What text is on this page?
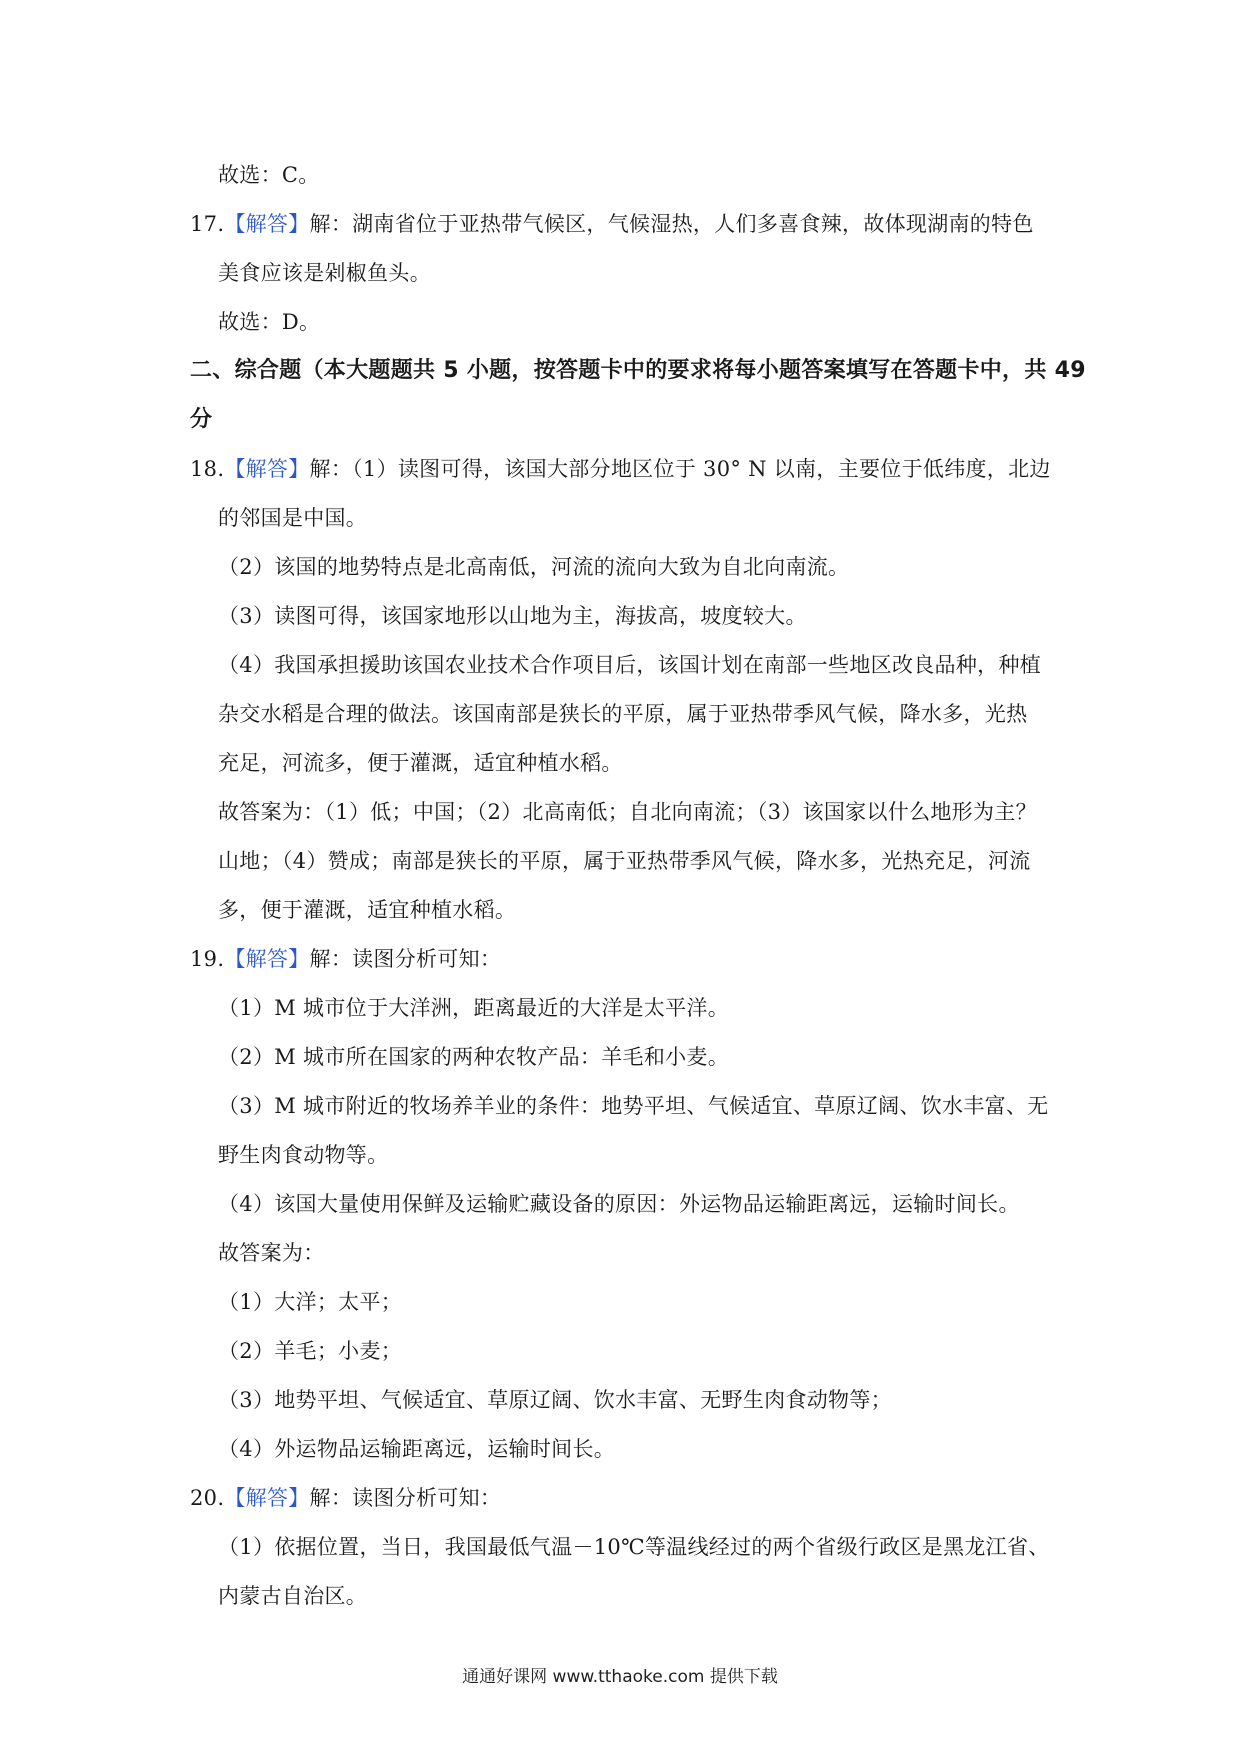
故选：C。
17.【解答】解：湖南省位于亚热带气候区，气候湿热，人们多喜食辣，故体现湖南的特色
美食应该是剁椒鱼头。
故选：D。
二、综合题（本大题题共 5 小题，按答题卡中的要求将每小题答案填写在答题卡中，共 49
分
18.【解答】解：（1）读图可得，该国大部分地区位于 30° N 以南，主要位于低纬度，北边
的邻国是中国。
（2）该国的地势特点是北高南低，河流的流向大致为自北向南流。
（3）读图可得，该国家地形以山地为主，海拔高，坡度较大。
（4）我国承担援助该国农业技术合作项目后，该国计划在南部一些地区改良品种，种植
杂交水稻是合理的做法。该国南部是狭长的平原，属于亚热带季风气候，降水多，光热
充足，河流多，便于灌溉，适宜种植水稻。
故答案为：（1）低；中国；（2）北高南低；自北向南流；（3）该国家以什么地形为主？
山地；（4）赞成；南部是狭长的平原，属于亚热带季风气候，降水多，光热充足，河流
多，便于灌溉，适宜种植水稻。
19.【解答】解：读图分析可知：
（1）M 城市位于大洋洲，距离最近的大洋是太平洋。
（2）M 城市所在国家的两种农牧产品：羊毛和小麦。
（3）M 城市附近的牧场养羊业的条件：地势平坦、气候适宜、草原辽阔、饮水丰富、无
野生肉食动物等。
（4）该国大量使用保鲜及运输贮藏设备的原因：外运物品运输距离远，运输时间长。
故答案为：
（1）大洋；太平；
（2）羊毛；小麦；
（3）地势平坦、气候适宜、草原辽阔、饮水丰富、无野生肉食动物等；
（4）外运物品运输距离远，运输时间长。
20.【解答】解：读图分析可知：
（1）依据位置，当日，我国最低气温－10℃等温线经过的两个省级行政区是黑龙江省、
内蒙古自治区。
通通好课网 www.tthaoke.com 提供下载
